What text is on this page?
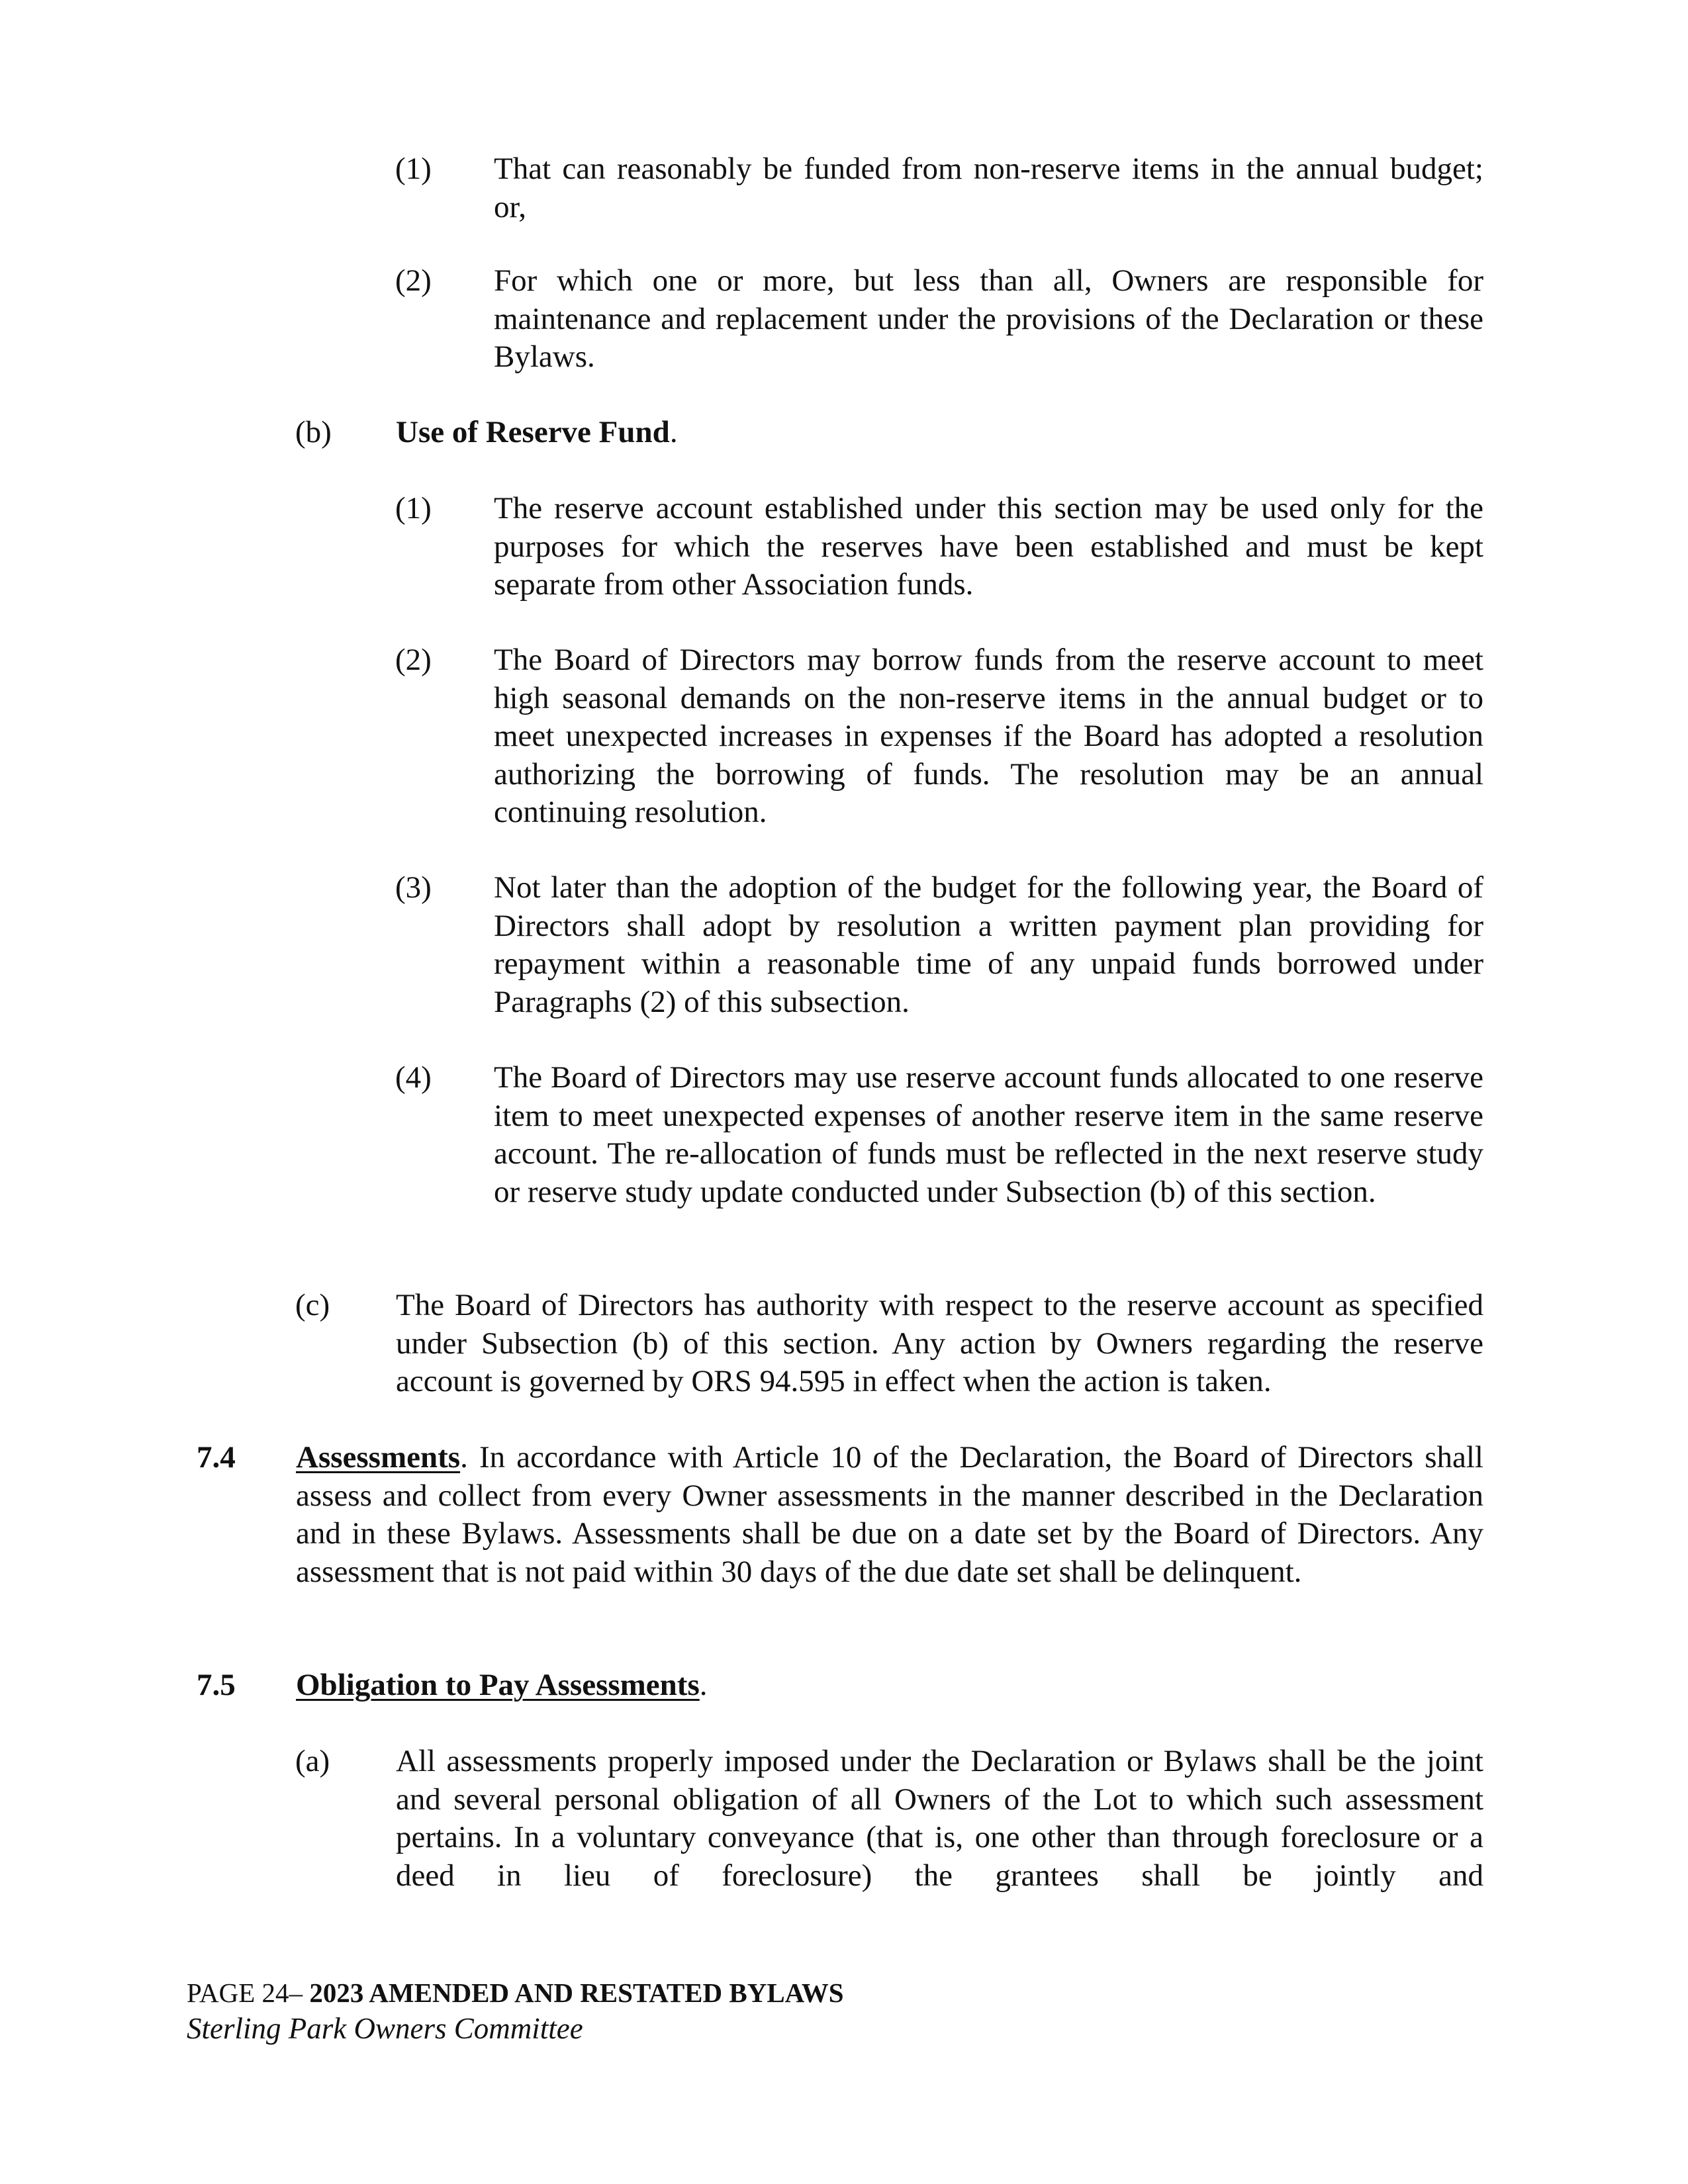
(1) That can reasonably be funded from non-reserve items in the annual budget; or,

(2) For which one or more, but less than all, Owners are responsible for maintenance and replacement under the provisions of the Declaration or these Bylaws.

(b) Use of Reserve Fund.

(1) The reserve account established under this section may be used only for the purposes for which the reserves have been established and must be kept separate from other Association funds.

(2) The Board of Directors may borrow funds from the reserve account to meet high seasonal demands on the non-reserve items in the annual budget or to meet unexpected increases in expenses if the Board has adopted a resolution authorizing the borrowing of funds. The resolution may be an annual continuing resolution.

(3) Not later than the adoption of the budget for the following year, the Board of Directors shall adopt by resolution a written payment plan providing for repayment within a reasonable time of any unpaid funds borrowed under Paragraphs (2) of this subsection.

(4) The Board of Directors may use reserve account funds allocated to one reserve item to meet unexpected expenses of another reserve item in the same reserve account. The re-allocation of funds must be reflected in the next reserve study or reserve study update conducted under Subsection (b) of this section.

(c) The Board of Directors has authority with respect to the reserve account as specified under Subsection (b) of this section. Any action by Owners regarding the reserve account is governed by ORS 94.595 in effect when the action is taken.

7.4 Assessments. In accordance with Article 10 of the Declaration, the Board of Directors shall assess and collect from every Owner assessments in the manner described in the Declaration and in these Bylaws. Assessments shall be due on a date set by the Board of Directors. Any assessment that is not paid within 30 days of the due date set shall be delinquent.

7.5 Obligation to Pay Assessments.

(a) All assessments properly imposed under the Declaration or Bylaws shall be the joint and several personal obligation of all Owners of the Lot to which such assessment pertains. In a voluntary conveyance (that is, one other than through foreclosure or a deed in lieu of foreclosure) the grantees shall be jointly and

PAGE 24– 2023 AMENDED AND RESTATED BYLAWS
Sterling Park Owners Committee
